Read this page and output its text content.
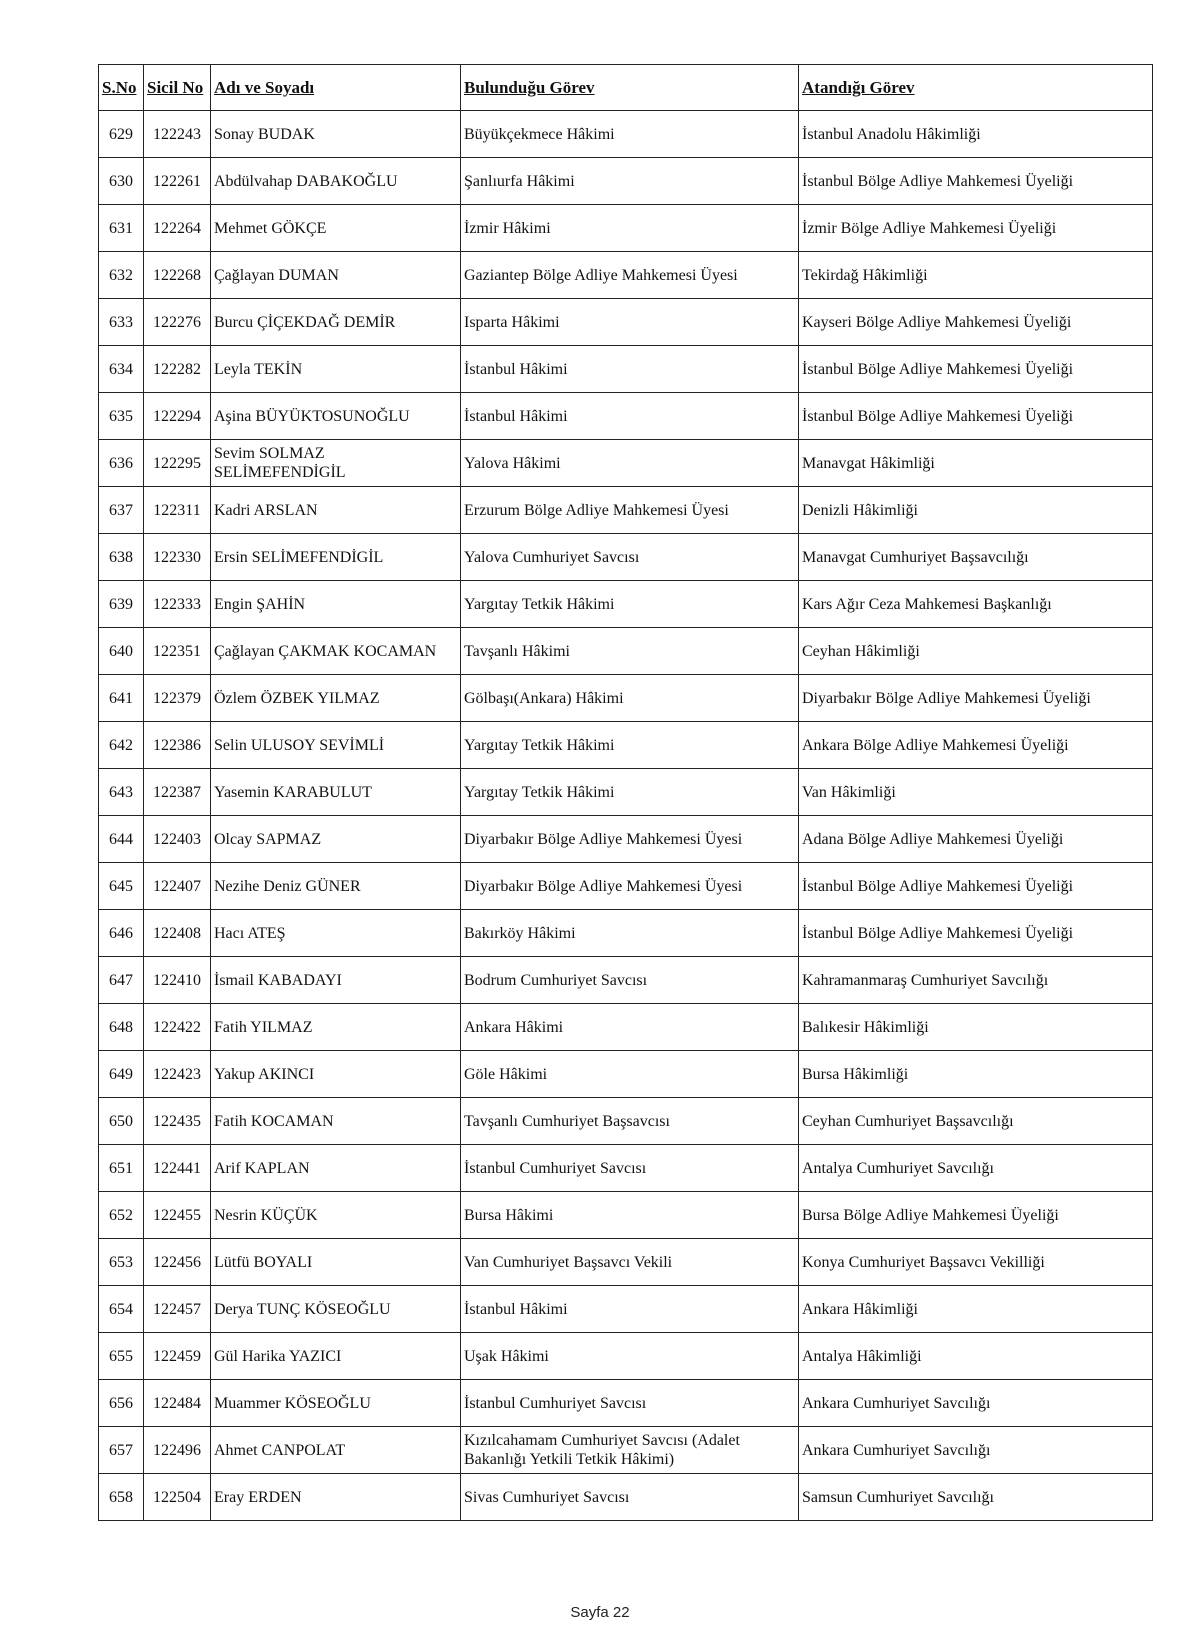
S.No	Sicil No	Adı ve Soyadı	Bulunduğu Görev	Atandığı Görev
629	122243	Sonay BUDAK	Büyükçekmece Hâkimi	İstanbul Anadolu Hâkimliği
630	122261	Abdülvahap DABAKOĞLU	Şanlıurfa Hâkimi	İstanbul Bölge Adliye Mahkemesi Üyeliği
631	122264	Mehmet GÖKÇE	İzmir Hâkimi	İzmir Bölge Adliye Mahkemesi Üyeliği
632	122268	Çağlayan DUMAN	Gaziantep Bölge Adliye Mahkemesi Üyesi	Tekirdağ Hâkimliği
633	122276	Burcu ÇİÇEKDAĞ DEMİR	Isparta Hâkimi	Kayseri Bölge Adliye Mahkemesi Üyeliği
634	122282	Leyla TEKİN	İstanbul Hâkimi	İstanbul Bölge Adliye Mahkemesi Üyeliği
635	122294	Aşina BÜYÜKTOSUNOĞLU	İstanbul Hâkimi	İstanbul Bölge Adliye Mahkemesi Üyeliği
636	122295	Sevim SOLMAZ SELİMEFENDİGİL	Yalova Hâkimi	Manavgat Hâkimliği
637	122311	Kadri ARSLAN	Erzurum Bölge Adliye Mahkemesi Üyesi	Denizli Hâkimliği
638	122330	Ersin SELİMEFENDİGİL	Yalova Cumhuriyet Savcısı	Manavgat Cumhuriyet Başsavcılığı
639	122333	Engin ŞAHİN	Yargıtay Tetkik Hâkimi	Kars Ağır Ceza Mahkemesi Başkanlığı
640	122351	Çağlayan ÇAKMAK KOCAMAN	Tavşanlı Hâkimi	Ceyhan Hâkimliği
641	122379	Özlem ÖZBEK YILMAZ	Gölbaşı(Ankara) Hâkimi	Diyarbakır Bölge Adliye Mahkemesi Üyeliği
642	122386	Selin ULUSOY SEVİMLİ	Yargıtay Tetkik Hâkimi	Ankara Bölge Adliye Mahkemesi Üyeliği
643	122387	Yasemin KARABULUT	Yargıtay Tetkik Hâkimi	Van Hâkimliği
644	122403	Olcay SAPMAZ	Diyarbakır Bölge Adliye Mahkemesi Üyesi	Adana Bölge Adliye Mahkemesi Üyeliği
645	122407	Nezihe Deniz GÜNER	Diyarbakır Bölge Adliye Mahkemesi Üyesi	İstanbul Bölge Adliye Mahkemesi Üyeliği
646	122408	Hacı ATEŞ	Bakırköy Hâkimi	İstanbul Bölge Adliye Mahkemesi Üyeliği
647	122410	İsmail KABADAYI	Bodrum Cumhuriyet Savcısı	Kahramanmaraş Cumhuriyet Savcılığı
648	122422	Fatih YILMAZ	Ankara Hâkimi	Balıkesir Hâkimliği
649	122423	Yakup AKINCI	Göle Hâkimi	Bursa Hâkimliği
650	122435	Fatih KOCAMAN	Tavşanlı Cumhuriyet Başsavcısı	Ceyhan Cumhuriyet Başsavcılığı
651	122441	Arif KAPLAN	İstanbul Cumhuriyet Savcısı	Antalya Cumhuriyet Savcılığı
652	122455	Nesrin KÜÇÜK	Bursa Hâkimi	Bursa Bölge Adliye Mahkemesi Üyeliği
653	122456	Lütfü BOYALI	Van Cumhuriyet Başsavcı Vekili	Konya Cumhuriyet Başsavcı Vekilliği
654	122457	Derya TUNÇ KÖSEOĞLU	İstanbul Hâkimi	Ankara Hâkimliği
655	122459	Gül Harika YAZICI	Uşak Hâkimi	Antalya Hâkimliği
656	122484	Muammer KÖSEOĞLU	İstanbul Cumhuriyet Savcısı	Ankara Cumhuriyet Savcılığı
657	122496	Ahmet CANPOLAT	Kızılcahamam Cumhuriyet Savcısı (Adalet Bakanlığı Yetkili Tetkik Hâkimi)	Ankara Cumhuriyet Savcılığı
658	122504	Eray ERDEN	Sivas Cumhuriyet Savcısı	Samsun Cumhuriyet Savcılığı
Sayfa 22
